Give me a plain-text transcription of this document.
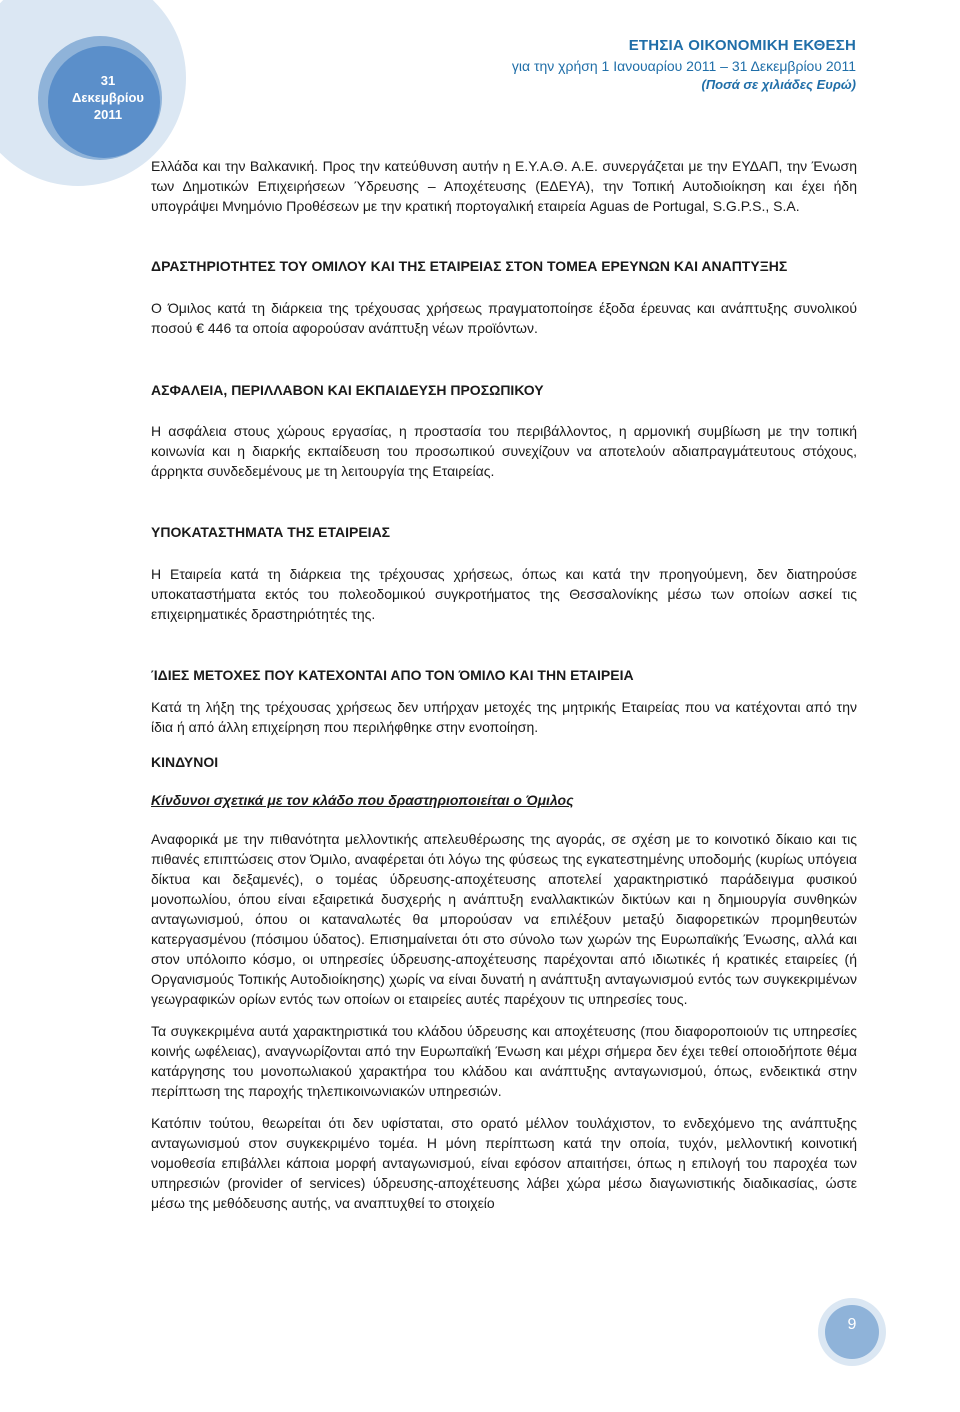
31
Δεκεμβρίου
2011
ΕΤΗΣΙΑ ΟΙΚΟΝΟΜΙΚΗ ΕΚΘΕΣΗ
για την χρήση 1 Ιανουαρίου 2011 – 31 Δεκεμβρίου 2011
(Ποσά σε χιλιάδες Ευρώ)

Ελλάδα και την Βαλκανική. Προς την κατεύθυνση αυτήν η Ε.Υ.Α.Θ. Α.Ε. συνεργάζεται με την ΕΥΔΑΠ, την Ένωση των Δημοτικών Επιχειρήσεων Ύδρευσης – Αποχέτευσης (ΕΔΕΥΑ), την Τοπική Αυτοδιοίκηση και έχει ήδη υπογράψει Μνημόνιο Προθέσεων με την κρατική πορτογαλική εταιρεία Aguas de Portugal, S.G.P.S., S.A.

ΔΡΑΣΤΗΡΙΟΤΗΤΕΣ ΤΟΥ ΟΜΙΛΟΥ ΚΑΙ ΤΗΣ ΕΤΑΙΡΕΙΑΣ ΣΤΟΝ ΤΟΜΕΑ ΕΡΕΥΝΩΝ ΚΑΙ ΑΝΑΠΤΥΞΗΣ

Ο Όμιλος κατά τη διάρκεια της τρέχουσας χρήσεως πραγματοποίησε έξοδα έρευνας και ανάπτυξης συνολικού ποσού € 446 τα οποία αφορούσαν ανάπτυξη νέων προϊόντων.

ΑΣΦΑΛΕΙΑ, ΠΕΡΙΛΛΑΒΟΝ ΚΑΙ ΕΚΠΑΙΔΕΥΣΗ ΠΡΟΣΩΠΙΚΟΥ

Η ασφάλεια στους χώρους εργασίας, η προστασία του περιβάλλοντος, η αρμονική συμβίωση με την τοπική κοινωνία και η διαρκής εκπαίδευση του προσωπικού συνεχίζουν να αποτελούν αδιαπραγμάτευτους στόχους, άρρηκτα συνδεδεμένους με τη λειτουργία της Εταιρείας.

ΥΠΟΚΑΤΑΣΤΗΜΑΤΑ ΤΗΣ ΕΤΑΙΡΕΙΑΣ

Η Εταιρεία κατά τη διάρκεια της τρέχουσας χρήσεως, όπως και κατά την προηγούμενη, δεν διατηρούσε υποκαταστήματα εκτός του πολεοδομικού συγκροτήματος της Θεσσαλονίκης μέσω των οποίων ασκεί τις επιχειρηματικές δραστηριότητές της.

ΊΔΙΕΣ ΜΕΤΟΧΕΣ ΠΟΥ ΚΑΤΕΧΟΝΤΑΙ ΑΠΟ ΤΟΝ ΌΜΙΛΟ ΚΑΙ ΤΗΝ ΕΤΑΙΡΕΙΑ

Κατά τη λήξη της τρέχουσας χρήσεως δεν υπήρχαν μετοχές της μητρικής Εταιρείας που να κατέχονται από την ίδια ή από άλλη επιχείρηση που περιλήφθηκε στην ενοποίηση.

ΚΙΝΔΥΝΟΙ

Κίνδυνοι σχετικά με τον κλάδο που δραστηριοποιείται ο Όμιλος

Αναφορικά με την πιθανότητα μελλοντικής απελευθέρωσης της αγοράς, σε σχέση με το κοινοτικό δίκαιο και τις πιθανές επιπτώσεις στον Όμιλο, αναφέρεται ότι λόγω της φύσεως της εγκατεστημένης υποδομής (κυρίως υπόγεια δίκτυα και δεξαμενές), ο τομέας ύδρευσης-αποχέτευσης αποτελεί χαρακτηριστικό παράδειγμα φυσικού μονοπωλίου, όπου είναι εξαιρετικά δυσχερής η ανάπτυξη εναλλακτικών δικτύων και η δημιουργία συνθηκών ανταγωνισμού, όπου οι καταναλωτές θα μπορούσαν να επιλέξουν μεταξύ διαφορετικών προμηθευτών κατεργασμένου (πόσιμου ύδατος). Επισημαίνεται ότι στο σύνολο των χωρών της Ευρωπαϊκής Ένωσης, αλλά και στον υπόλοιπο κόσμο, οι υπηρεσίες ύδρευσης-αποχέτευσης παρέχονται από ιδιωτικές ή κρατικές εταιρείες (ή Οργανισμούς Τοπικής Αυτοδιοίκησης) χωρίς να είναι δυνατή η ανάπτυξη ανταγωνισμού εντός των συγκεκριμένων γεωγραφικών ορίων εντός των οποίων οι εταιρείες αυτές παρέχουν τις υπηρεσίες τους.

Τα συγκεκριμένα αυτά χαρακτηριστικά του κλάδου ύδρευσης και αποχέτευσης (που διαφοροποιούν τις υπηρεσίες κοινής ωφέλειας), αναγνωρίζονται από την Ευρωπαϊκή Ένωση και μέχρι σήμερα δεν έχει τεθεί οποιοδήποτε θέμα κατάργησης του μονοπωλιακού χαρακτήρα του κλάδου και ανάπτυξης ανταγωνισμού, όπως, ενδεικτικά στην περίπτωση της παροχής τηλεπικοινωνιακών υπηρεσιών.

Κατόπιν τούτου, θεωρείται ότι δεν υφίσταται, στο ορατό μέλλον τουλάχιστον, το ενδεχόμενο της ανάπτυξης ανταγωνισμού στον συγκεκριμένο τομέα. Η μόνη περίπτωση κατά την οποία, τυχόν, μελλοντική κοινοτική νομοθεσία επιβάλλει κάποια μορφή ανταγωνισμού, είναι εφόσον απαιτήσει, όπως η επιλογή του παροχέα των υπηρεσιών (provider of services) ύδρευσης-αποχέτευσης λάβει χώρα μέσω διαγωνιστικής διαδικασίας, ώστε μέσω της μεθόδευσης αυτής, να αναπτυχθεί το στοιχείο

9
